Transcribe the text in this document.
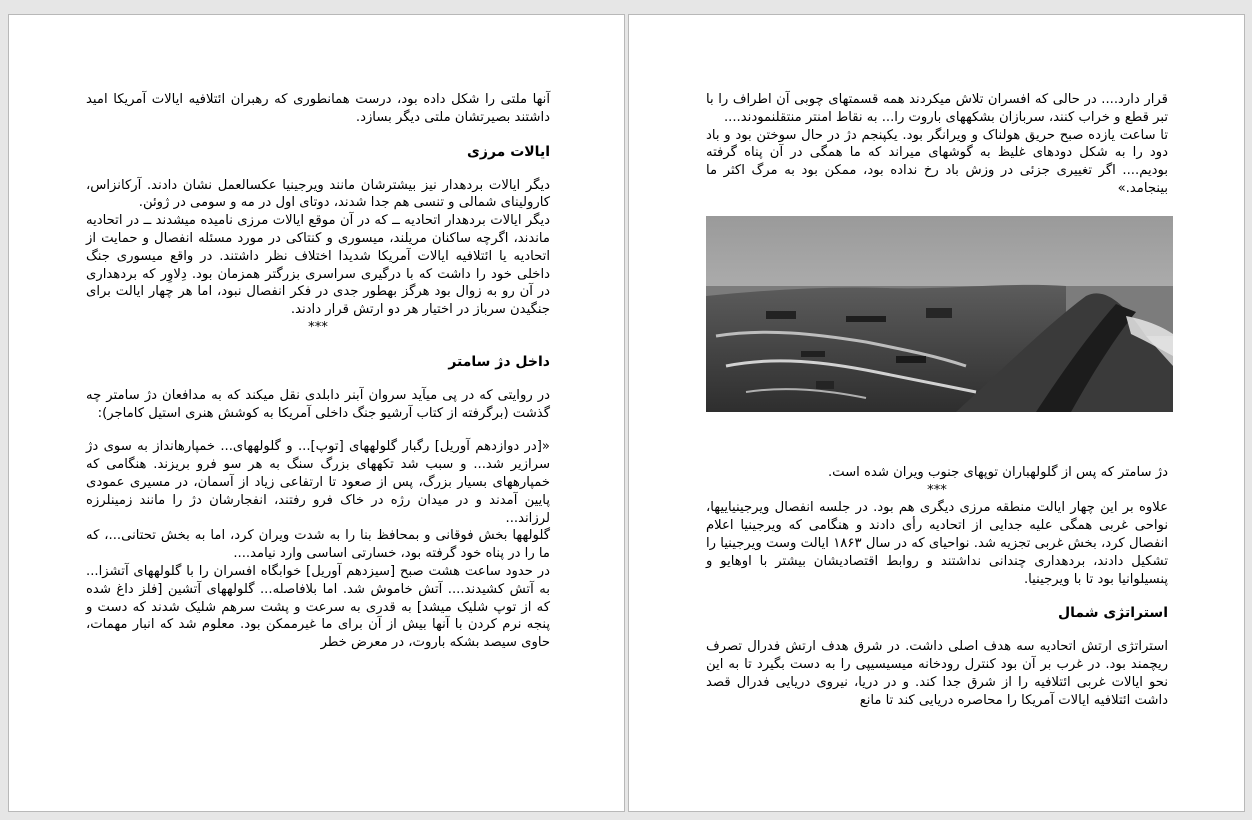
آنها ملتی را شکل داده بود، درست همانطوری که رهبران ائتلافیه ایالات آمریکا امید داشتند بصیرتشان ملتی دیگر بسازد.

ایالات مرزی

دیگر ایالات بردهدار نیز بیشترشان مانند ویرجینیا عکسالعمل نشان دادند. آرکانزاس، کارولینای شمالی و تنسی هم جدا شدند، دوتای اول در مه و سومی در ژوئن.

دیگر ایالات بردهدار اتحادیه ــ که در آن موقع ایالات مرزی نامیده میشدند ــ در اتحادیه ماندند، اگرچه ساکنان مریلند، میسوری و کنتاکی در مورد مسئله انفصال و حمایت از اتحادیه یا ائتلافیه ایالات آمریکا شدیدا اختلاف نظر داشتند. در واقع میسوری جنگ داخلی خود را داشت که با درگیری سراسری بزرگتر همزمان بود. دِلاوِر که بردهداری در آن رو به زوال بود هرگز بهطور جدی در فکر انفصال نبود، اما هر چهار ایالت برای جنگیدن سرباز در اختیار هر دو ارتش قرار دادند.

***

داخل دژ سامتر

در روایتی که در پی میآید سروان آبنر دابلدی نقل میکند که به مدافعان دژ سامتر چه گذشت (برگرفته از کتاب آرشیو جنگ داخلی آمریکا به کوشش هنری استیل کاماجر):

«[در دوازدهم آوریل] رگبار گلولههای [توپ]... و گلولههای... خمپارهانداز به سوی دژ سرازیر شد... و سبب شد تکههای بزرگ سنگ به هر سو فرو بریزند. هنگامی که خمپارههای بسیار بزرگ، پس از صعود تا ارتفاعی زیاد از آسمان، در مسیری عمودی پایین آمدند و در میدان رژه در خاک فرو رفتند، انفجارشان دژ را مانند زمینلرزه لرزاند...

گلولهها بخش فوقانی و بمحافظ بنا را به شدت ویران کرد، اما به بخش تحتانی...، که ما را در پناه خود گرفته بود، خسارتی اساسی وارد نیامد....

در حدود ساعت هشت صبح [سیزدهم آوریل] خوابگاه افسران را با گلولههای آتشزا... به آتش کشیدند.... آتش خاموش شد. اما بلافاصله... گلولههای آتشین [فلز داغ شده که از توپ شلیک میشد] به قدری به سرعت و پشت سرهم شلیک شدند که دست و پنجه نرم کردن با آنها بیش از آن برای ما غیرممکن بود. معلوم شد که انبار مهمات، حاوی سیصد بشکه باروت، در معرض خطر

قرار دارد.... در حالی که افسران تلاش میکردند همه قسمتهای چوبی آن اطراف را با تبر قطع و خراب کنند، سربازان بشکههای باروت را... به نقاط امنتر منتقلنمودند....

تا ساعت یازده صبح حریق هولناک و ویرانگر بود. یکپنجم دژ در حال سوختن بود و باد دود را به شکل دودهای غلیظ به گوشهای میراند که ما همگی در آن پناه گرفته بودیم.... اگر تغییری جزئی در وزش باد رخ نداده بود، ممکن بود به مرگ اکثر ما بینجامد.»

دژ سامتر که پس از گلولهباران توپهای جنوب ویران شده است.

***

علاوه بر این چهار ایالت منطقه مرزی دیگری هم بود. در جلسه انفصال ویرجینیاییها، نواحی غربی همگی علیه جدایی از اتحادیه رأی دادند و هنگامی که ویرجینیا اعلام انفصال کرد، بخش غربی تجزیه شد. نواحیای که در سال ۱۸۶۳ ایالت وست ویرجینیا را تشکیل دادند، بردهداری چندانی نداشتند و روابط اقتصادیشان بیشتر با اوهایو و پنسیلوانیا بود تا با ویرجینیا.

استراتژی شمال

استراتژی ارتش اتحادیه سه هدف اصلی داشت. در شرق هدف ارتش فدرال تصرف ریچمند بود. در غرب بر آن بود کنترل رودخانه میسیسیپی را به دست بگیرد تا به این نحو ایالات غربی ائتلافیه را از شرق جدا کند. و در دریا، نیروی دریایی فدرال قصد داشت ائتلافیه ایالات آمریکا را محاصره دریایی کند تا مانع
